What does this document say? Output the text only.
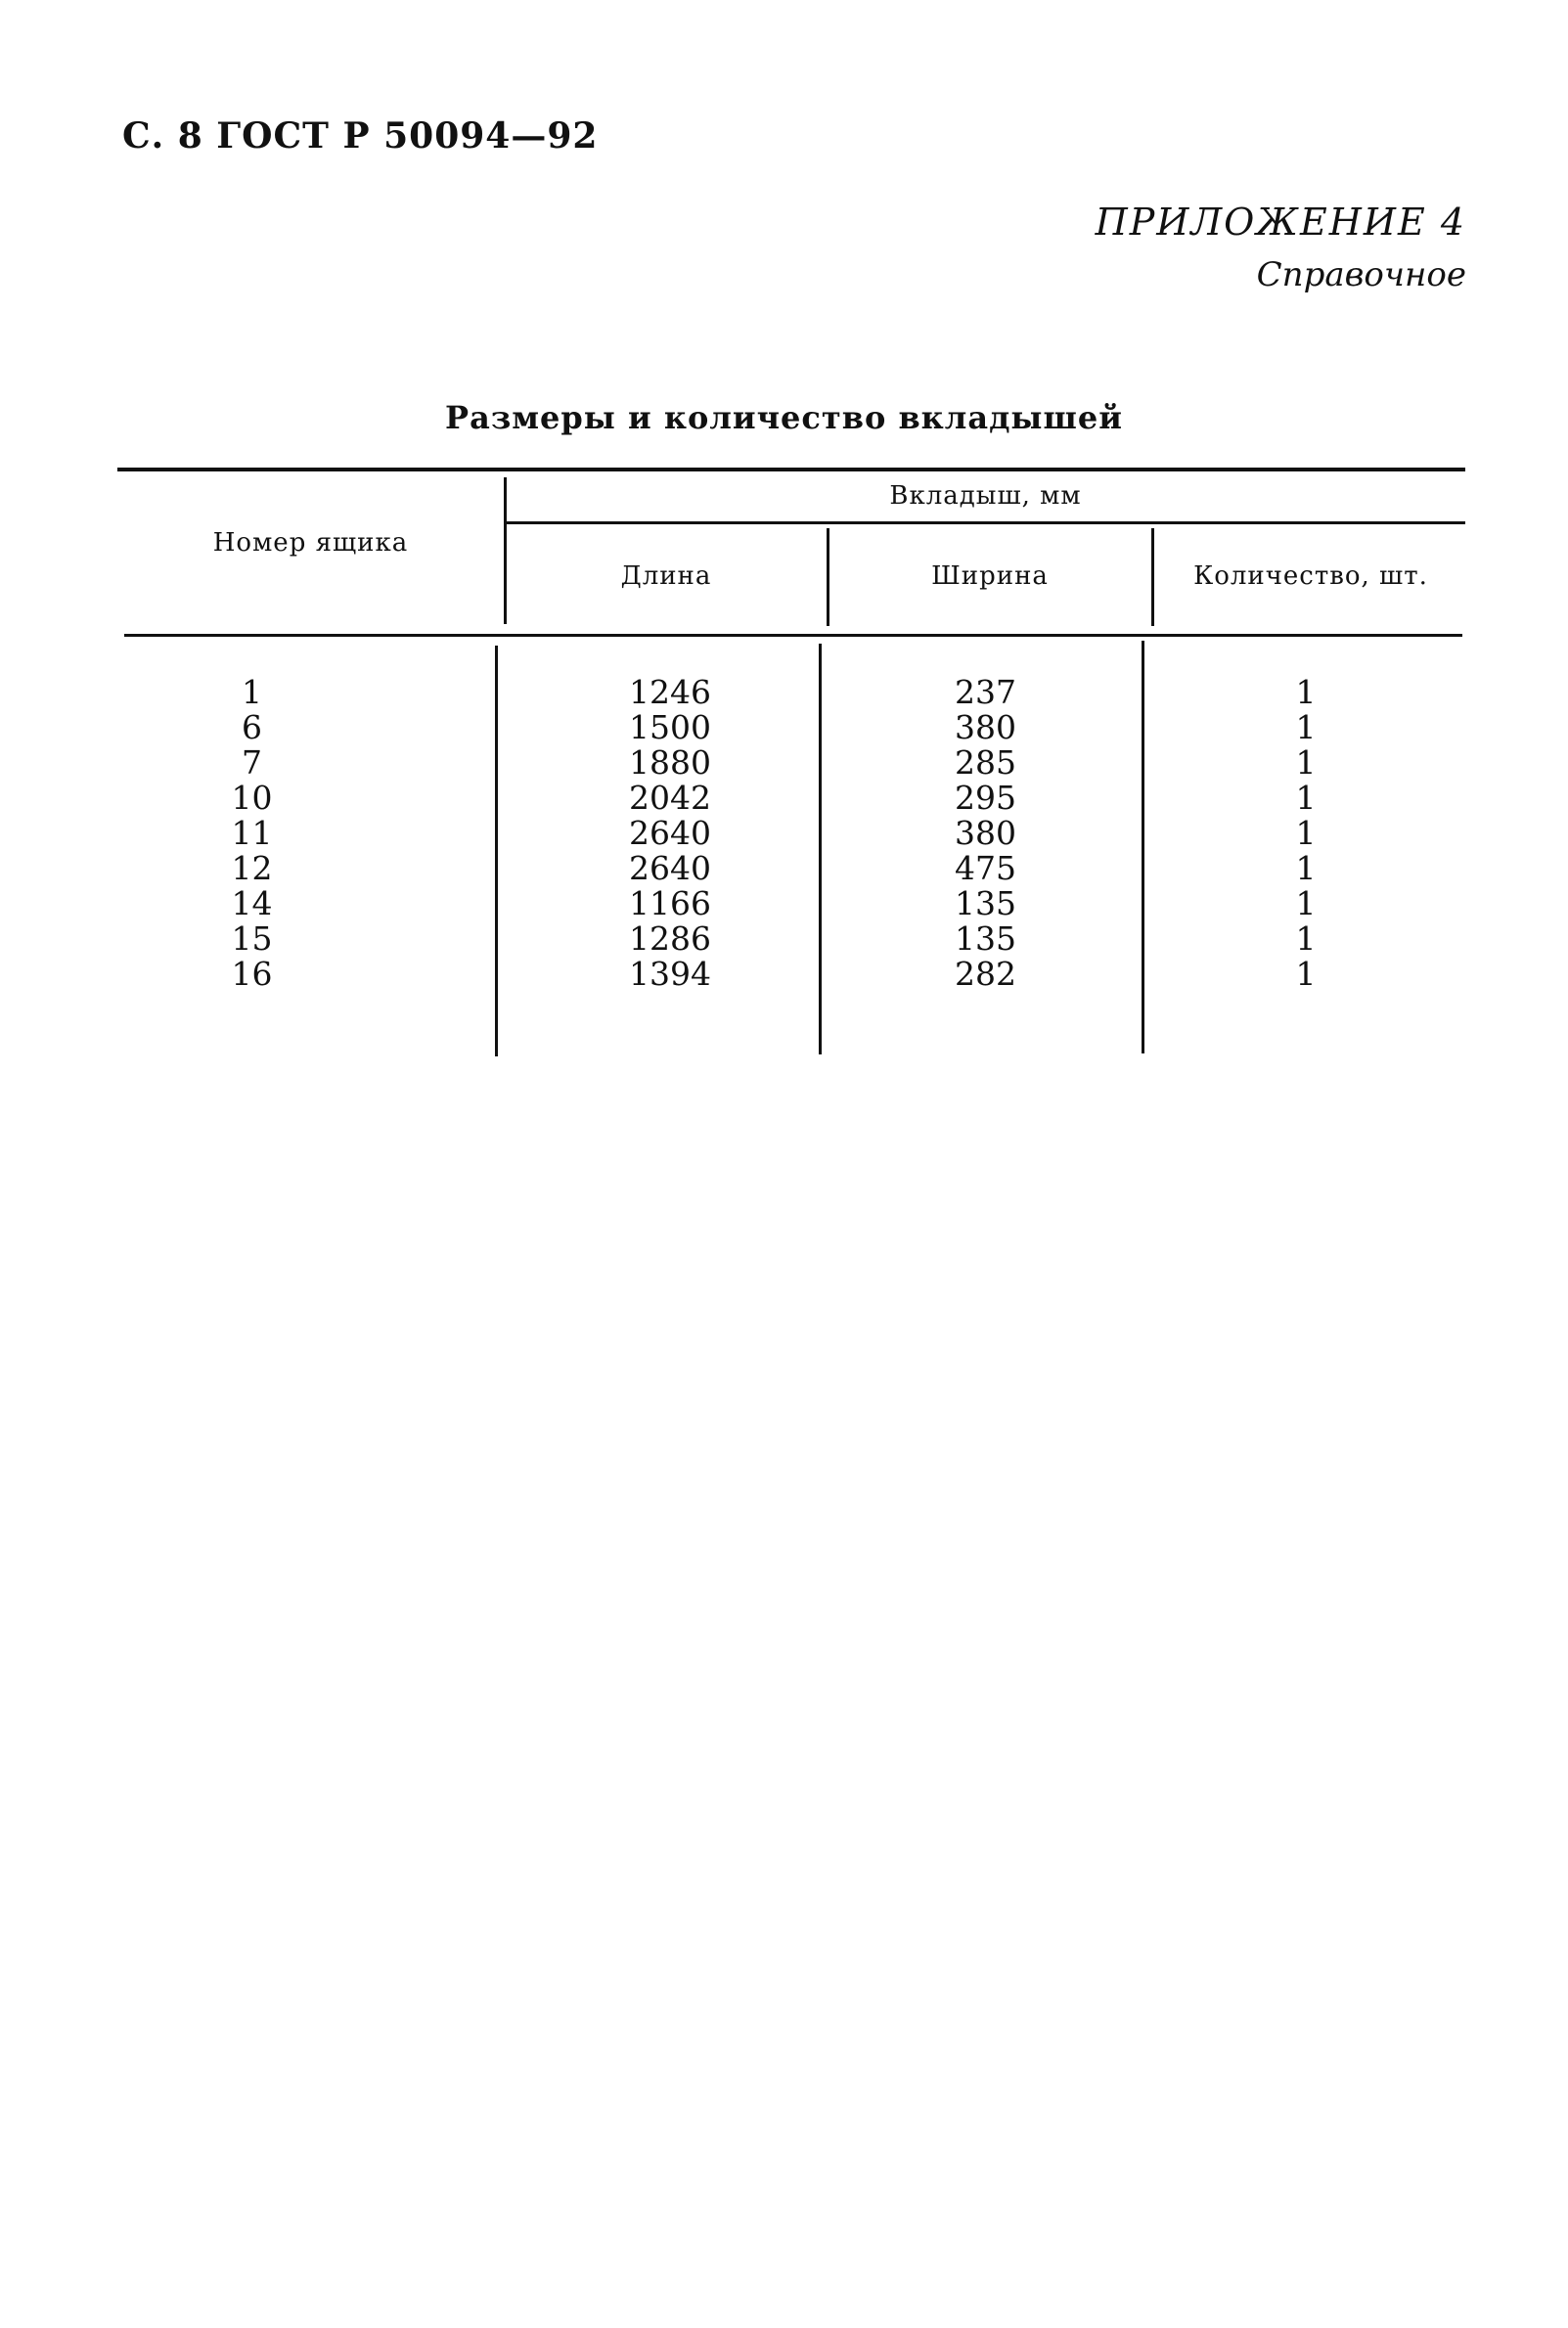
С. 8 ГОСТ Р 50094—92
ПРИЛОЖЕНИЕ 4
Справочное
Размеры и количество вкладышей
Номер ящика
Вкладыш, мм
Длина	Ширина	Количество, шт.
1
6
7
10
11
12
14
15
16
1246
1500
1880
2042
2640
2640
1166
1286
1394
237
380
285
295
380
475
135
135
282
1
1
1
1
1
1
1
1
1
